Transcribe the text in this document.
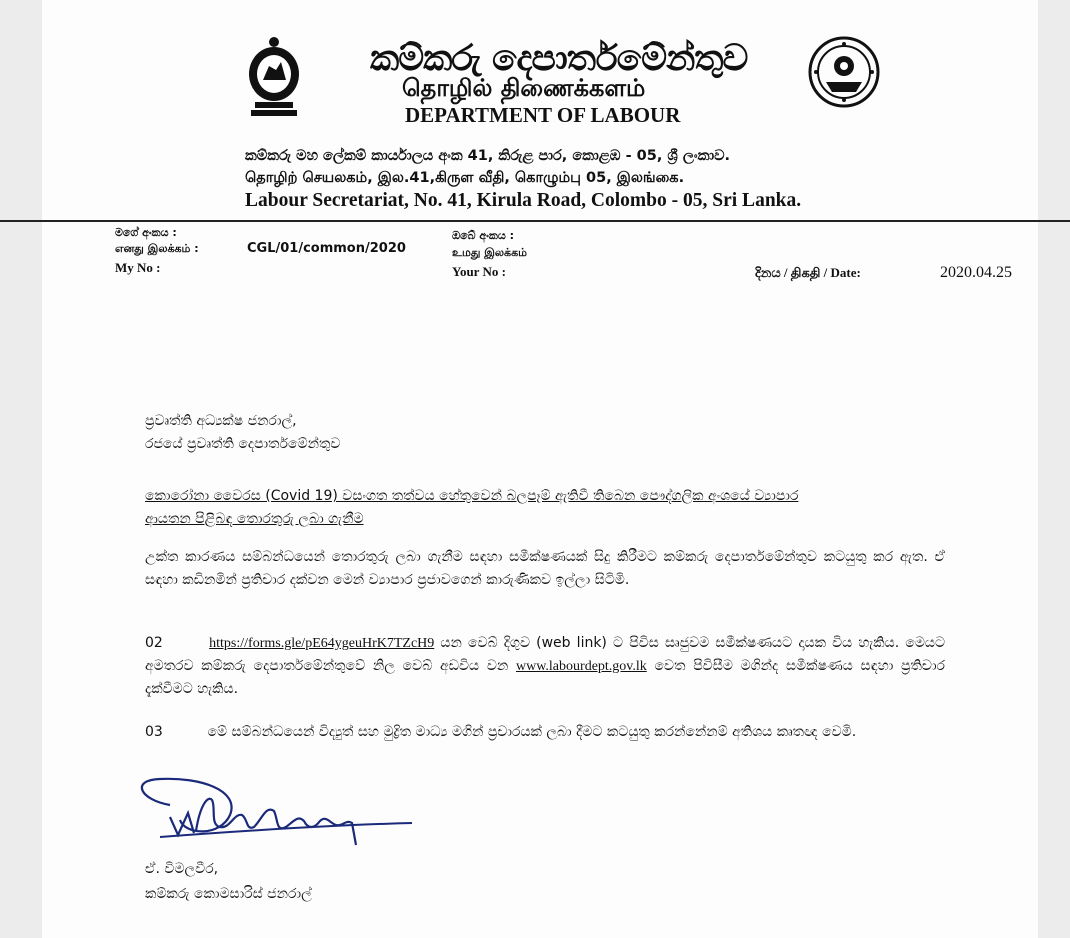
කම්කරු දෙපාර්තමේන්තුව
தொழில் திணைக்களம்
DEPARTMENT OF LABOUR
කම්කරු මහ ලේකම් කාර්යාලය අංක 41, කිරුළ පාර, කොළඹ - 05, ශ්‍රී ලංකාව.
தொழிற் செயலகம், இல.41,கிருள வீதி, கொழும்பு 05, இலங்கை.
Labour Secretariat, No. 41, Kirula Road, Colombo - 05, Sri Lanka.
මගේ අංකය :
எனது இலக்கம் :	CGL/01/common/2020
My No :
ඔබේ අංකය :
உமது இலக்கம்
Your No :	දිනය / திகதி / Date:	2020.04.25
ප්‍රවෘත්ති අධ්‍යක්ෂ ජනරාල්,
රජයේ ප්‍රවෘත්ති දෙපාර්තමේන්තුව
කොරෝනා වෛරස (Covid 19) වසංගත තත්වය හේතුවෙන් බලපෑම් ඇතිවී තිබෙන පෞද්ගලික අංශයේ ව්‍යාපාර
ආයතන පිළිබඳ තොරතුරු ලබා ගැනීම
උක්ත කාරණය සම්බන්ධයෙන් තොරතුරු ලබා ගැනීම සඳහා සමීක්ෂණයක් සිදු කිරීමට කම්කරු දෙපාර්තමේන්තුව කටයුතු කර ඇත. ඒ සඳහා කඩිනමින් ප්‍රතිචාර දක්වන මෙන් ව්‍යාපාර ප්‍රජාවගෙන් කාරුණිකව ඉල්ලා සිටිමි.
02	https://forms.gle/pE64ygeuHrK7TZcH9 යන වෙබ් දිගුව (web link) ට පිවිස සෘජුවම සමීක්ෂණයට දායක විය හැකිය. මෙයට අමතරව කම්කරු දෙපාර්තමේන්තුවේ නිල වෙබ් අඩවිය වන www.labourdept.gov.lk වෙත පිවිසීම මගින්ද සමීක්ෂණය සඳහා ප්‍රතිචාර දැක්වීමට හැකිය.
03	මේ සම්බන්ධයෙන් විද්‍යුත් සහ මුද්‍රිත මාධ්‍ය මගින් ප්‍රචාරයක් ලබා දීමට කටයුතු කරන්නේනම් අතිශය කෘතඥ වෙමි.
ඒ. විමලවීර,
කම්කරු කොමසාරිස් ජනරාල්
